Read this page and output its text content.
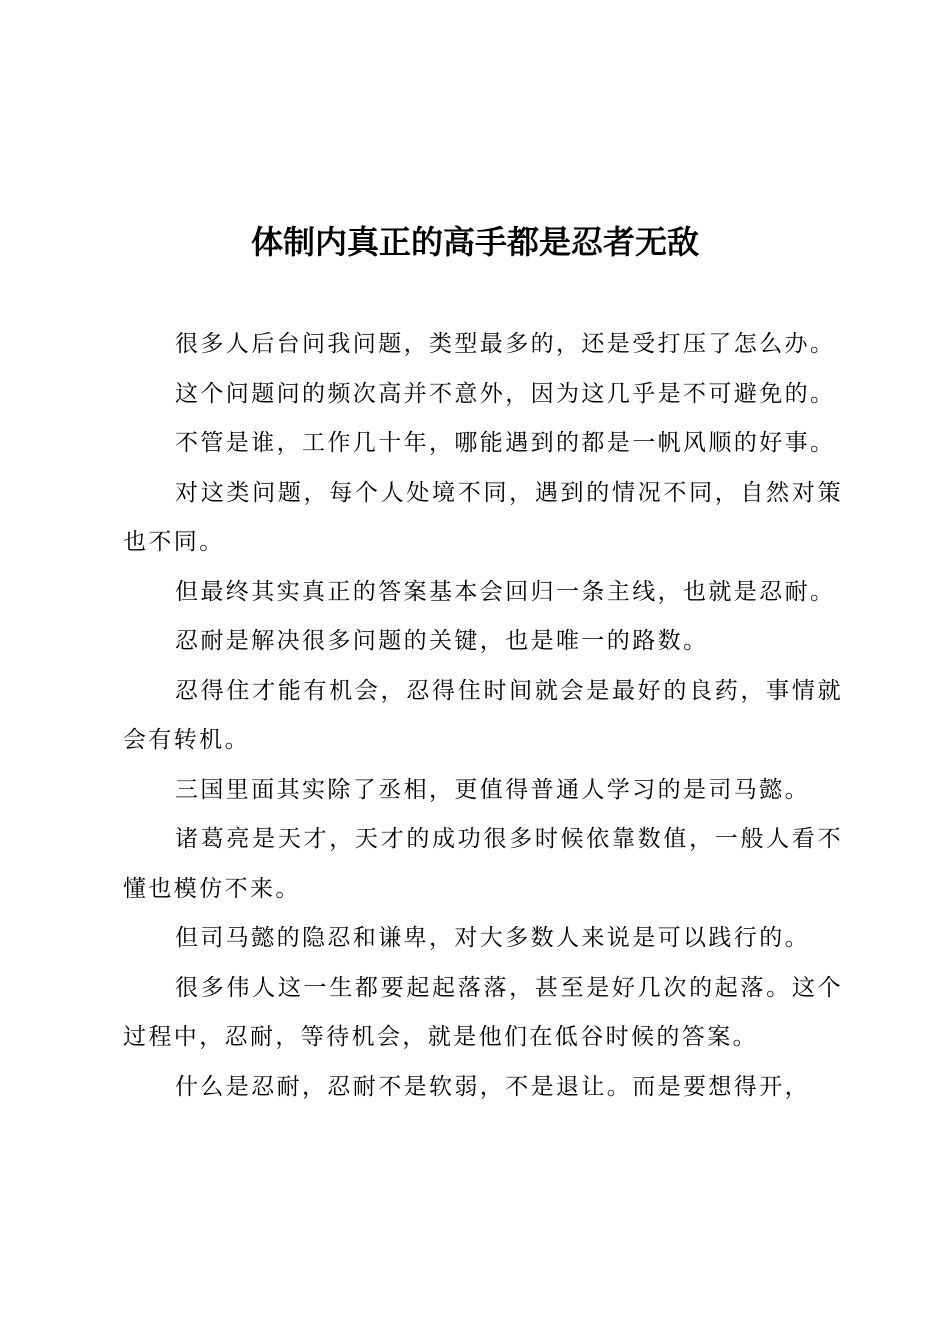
体制内真正的高手都是忍者无敌

很多人后台问我问题，类型最多的，还是受打压了怎么办。

这个问题问的频次高并不意外，因为这几乎是不可避免的。

不管是谁，工作几十年，哪能遇到的都是一帆风顺的好事。

对这类问题，每个人处境不同，遇到的情况不同，自然对策也不同。

但最终其实真正的答案基本会回归一条主线，也就是忍耐。

忍耐是解决很多问题的关键，也是唯一的路数。

忍得住才能有机会，忍得住时间就会是最好的良药，事情就会有转机。

三国里面其实除了丞相，更值得普通人学习的是司马懿。

诸葛亮是天才，天才的成功很多时候依靠数值，一般人看不懂也模仿不来。

但司马懿的隐忍和谦卑，对大多数人来说是可以践行的。

很多伟人这一生都要起起落落，甚至是好几次的起落。这个过程中，忍耐，等待机会，就是他们在低谷时候的答案。

什么是忍耐，忍耐不是软弱，不是退让。而是要想得开，
